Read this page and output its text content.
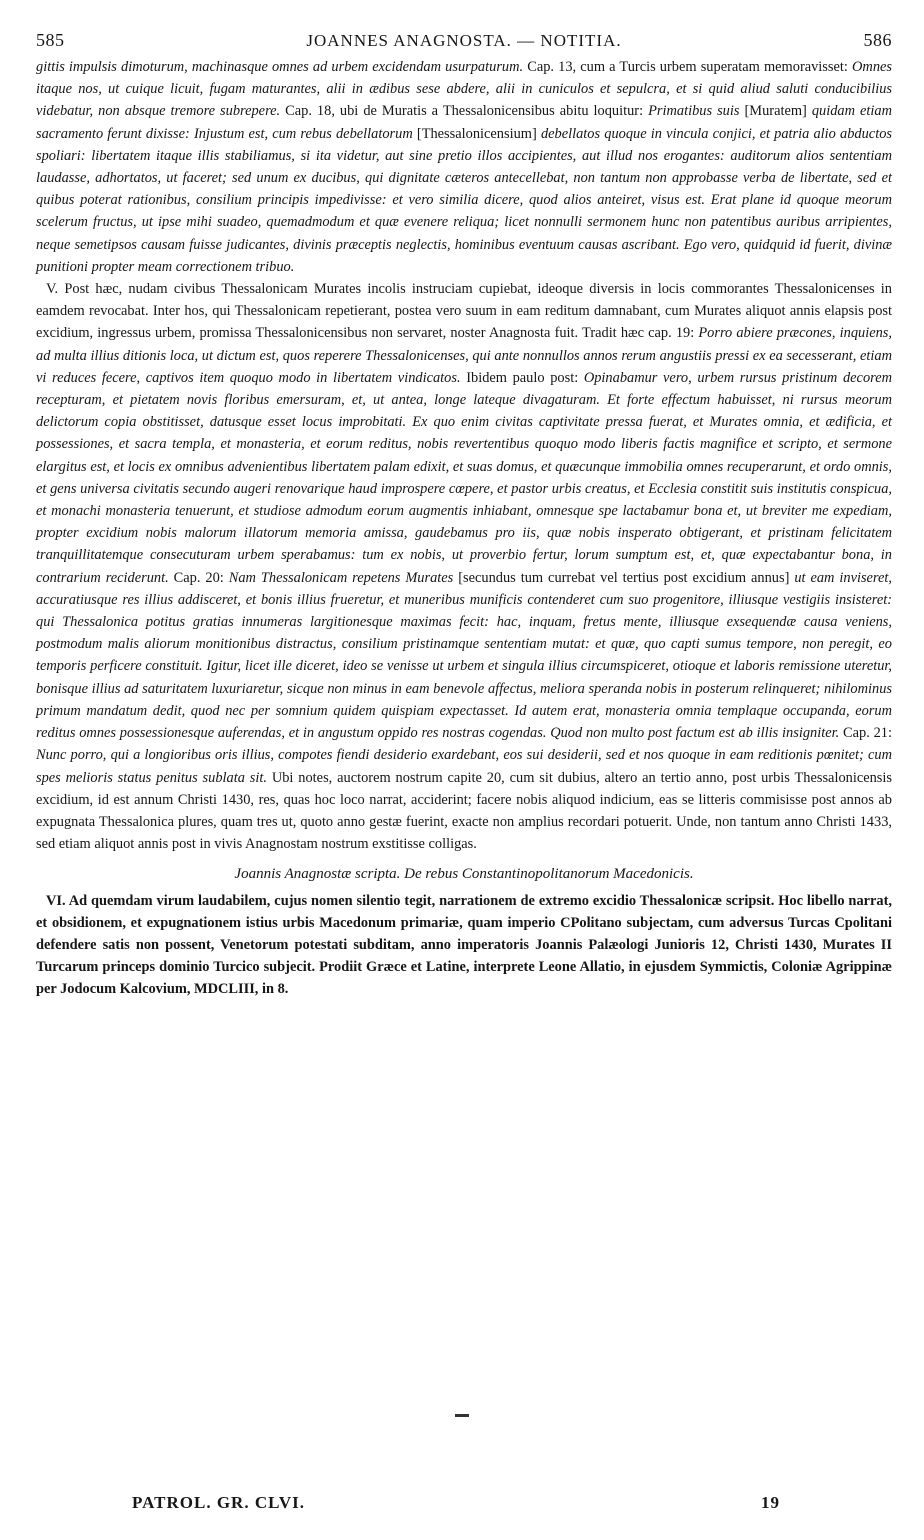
585	JOANNES ANAGNOSTA. — NOTITIA.	586

gittis impulsis dimoturum, machinasque omnes ad urbem excidendam usurpaturum. Cap. 13, cum a Turcis urbem superatam memoravisset: Omnes itaque nos, ut cuique licuit, fugam maturantes, alii in ædibus sese abdere, alii in cuniculos et sepulcra, et si quid aliud saluti conducibilius videbatur, non absque tremore subrepere. Cap. 18, ubi de Muratis a Thessalonicensibus abitu loquitur: Primatibus suis [Muratem] quidam etiam sacramento ferunt dixisse: Injustum est, cum rebus debellatorum [Thessalonicensium] debellatos quoque in vincula conjici, et patria alio abductos spoliari: libertatem itaque illis stabiliamus, si ita videtur, aut sine pretio illos accipientes, aut illud nos erogantes: auditorum alios sententiam laudasse, adhortatos, ut faceret; sed unum ex ducibus, qui dignitate cæteros antecellebat, non tantum non approbasse verba de libertate, sed et quibus poterat rationibus, consilium principis impedivisse: et vero similia dicere, quod alios anteiret, visus est. Erat plane id quoque meorum scelerum fructus, ut ipse mihi suadeo, quemadmodum et quæ evenere reliqua; licet nonnulli sermonem hunc non patentibus auribus arripientes, neque semetipsos causam fuisse judicantes, divinis præceptis neglectis, hominibus eventuum causas ascribant. Ego vero, quidquid id fuerit, divinæ punitioni propter meam correctionem tribuo.

V. Post hæc, nudam civibus Thessalonicam Murates incolis instruciam cupiebat, ideoque diversis in locis commorantes Thessalonicenses in eamdem revocabat. Inter hos, qui Thessalonicam repetierant, postea vero suum in eam reditum damnabant, cum Murates aliquot annis elapsis post excidium, ingressus urbem, promissa Thessalonicensibus non servaret, noster Anagnosta fuit. Tradit hæc cap. 19: Porro abiere præcones, inquiens, ad multa illius ditionis loca, ut dictum est, quos reperere Thessalonicenses, qui ante nonnullos annos rerum angustiis pressi ex ea secesserant, etiam vi reduces fecere, captivos item quoquo modo in libertatem vindicatos. Ibidem paulo post: Opinabamur vero, urbem rursus pristinum decorem recepturam, et pietatem novis floribus emersuram, et, ut antea, longe lateque divagaturam. Et forte effectum habuisset, ni rursus meorum delictorum copia obstitisset, datusque esset locus improbitati. Ex quo enim civitas captivitate pressa fuerat, et Murates omnia, et ædificia, et possessiones, et sacra templa, et monasteria, et eorum reditus, nobis revertentibus quoquo modo liberis factis magnifice et scripto, et sermone elargitus est, et locis ex omnibus advenientibus libertatem palam edixit, et suas domus, et quæcunque immobilia omnes recuperarunt, et ordo omnis, et gens universa civitatis secundo augeri renovarique haud improspere cœpere, et pastor urbis creatus, et Ecclesia constitit suis institutis conspicua, et monachi monasteria tenuerunt, et studiose admodum eorum augmentis inhiabant, omnesque spe lactabamur bona et, ut breviter me expediam, propter excidium nobis malorum illatorum memoria amissa, gaudebamus pro iis, quæ nobis insperato obtigerant, et pristinam felicitatem tranquillitatemque consecuturam urbem sperabamus: tum ex nobis, ut proverbio fertur, lorum sumptum est, et, quæ expectabantur bona, in contrarium reciderunt. Cap. 20: Nam Thessalonicam repetens Murates [secundus tum currebat vel tertius post excidium annus] ut eam inviseret, accuratiusque res illius addisceret, et bonis illius frueretur, et muneribus munificis contenderet cum suo progenitore, illiusque vestigiis insisteret: qui Thessalonica potitus gratias innumeras largitionesque maximas fecit: hac, inquam, fretus mente, illiusque exsequendæ causa veniens, postmodum malis aliorum monitionibus distractus, consilium pristinamque sententiam mutat: et quæ, quo capti sumus tempore, non peregit, eo temporis perficere constituit. Igitur, licet ille diceret, ideo se venisse ut urbem et singula illius circumspiceret, otioque et laboris remissione uteretur, bonisque illius ad saturitatem luxuriaretur, sicque non minus in eam benevole affectus, meliora speranda nobis in posterum relinqueret; nihilominus primum mandatum dedit, quod nec per somnium quidem quispiam expectasset. Id autem erat, monasteria omnia templaque occupanda, eorum reditus omnes possessionesque auferendas, et in angustum oppido res nostras cogendas. Quod non multo post factum est ab illis insigniter. Cap. 21: Nunc porro, qui a longioribus oris illius, compotes fiendi desiderio exardebant, eos sui desiderii, sed et nos quoque in eam reditionis pœnitet; cum spes melioris status penitus sublata sit. Ubi notes, auctorem nostrum capite 20, cum sit dubius, altero an tertio anno, post urbis Thessalonicensis excidium, id est annum Christi 1430, res, quas hoc loco narrat, acciderint; facere nobis aliquod indicium, eas se litteris commisisse post annos ab expugnata Thessalonica plures, quam tres ut, quoto anno gestæ fuerint, exacte non amplius recordari potuerit. Unde, non tantum anno Christi 1433, sed etiam aliquot annis post in vivis Anagnostam nostrum exstitisse colligas.

Joannis Anagnostæ scripta. De rebus Constantinopolitanorum Macedonicis.

VI. Ad quemdam virum laudabilem, cujus nomen silentio tegit, narrationem de extremo excidio Thessalonicæ scripsit. Hoc libello narrat, et obsidionem, et expugnationem istius urbis Macedonum primariæ, quam imperio CPolitano subjectam, cum adversus Turcas Cpolitani defendere satis non possent, Venetorum potestati subditam, anno imperatoris Joannis Palæologi Junioris 12, Christi 1430, Murates II Turcarum princeps dominio Turcico subjecit. Prodiit Græce et Latine, interprete Leone Allatio, in ejusdem Symmictis, Coloniæ Agrippinæ per Jodocum Kalcovium, MDCLIII, in 8.

PATROL. GR. CLVI.	19
